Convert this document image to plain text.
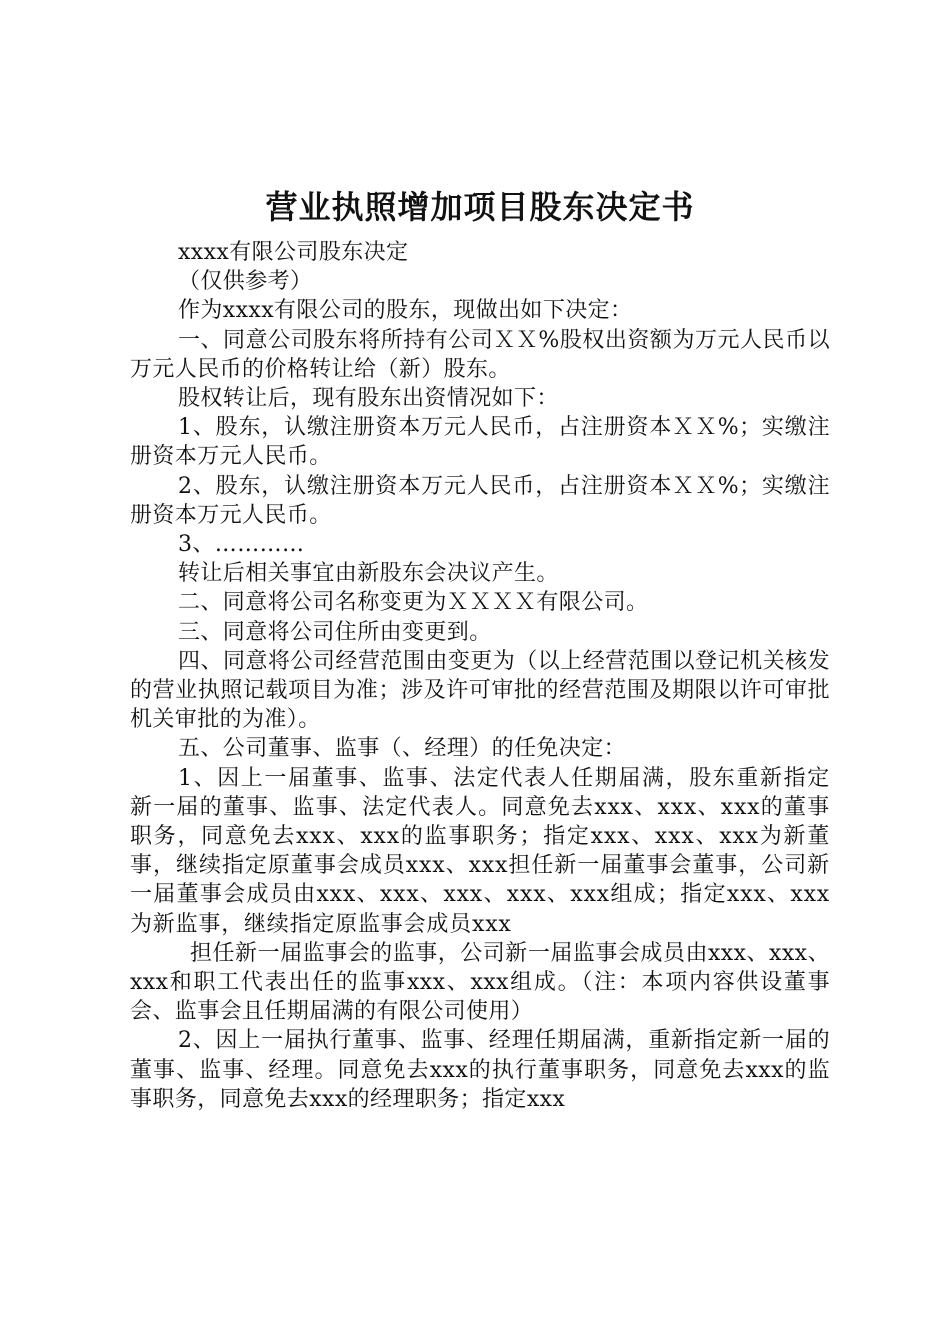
营业执照增加项目股东决定书

xxxx有限公司股东决定

（仅供参考）

作为xxxx有限公司的股东，现做出如下决定：

一、同意公司股东将所持有公司ＸＸ%股权出资额为万元人民币以万元人民币的价格转让给（新）股东。

股权转让后，现有股东出资情况如下：

1、股东，认缴注册资本万元人民币，占注册资本ＸＸ%；实缴注册资本万元人民币。

2、股东，认缴注册资本万元人民币，占注册资本ＸＸ%；实缴注册资本万元人民币。

3、…………

转让后相关事宜由新股东会决议产生。

二、同意将公司名称变更为ＸＸＸＸ有限公司。

三、同意将公司住所由变更到。

四、同意将公司经营范围由变更为（以上经营范围以登记机关核发的营业执照记载项目为准；涉及许可审批的经营范围及期限以许可审批机关审批的为准）。

五、公司董事、监事（、经理）的任免决定：

1、因上一届董事、监事、法定代表人任期届满，股东重新指定新一届的董事、监事、法定代表人。同意免去xxx、xxx、xxx的董事职务，同意免去xxx、xxx的监事职务；指定xxx、xxx、xxx为新董事，继续指定原董事会成员xxx、xxx担任新一届董事会董事，公司新一届董事会成员由xxx、xxx、xxx、xxx、xxx组成；指定xxx、xxx为新监事，继续指定原监事会成员xxx

担任新一届监事会的监事，公司新一届监事会成员由xxx、xxx、xxx和职工代表出任的监事xxx、xxx组成。（注：本项内容供设董事会、监事会且任期届满的有限公司使用）

2、因上一届执行董事、监事、经理任期届满，重新指定新一届的董事、监事、经理。同意免去xxx的执行董事职务，同意免去xxx的监事职务，同意免去xxx的经理职务；指定xxx
